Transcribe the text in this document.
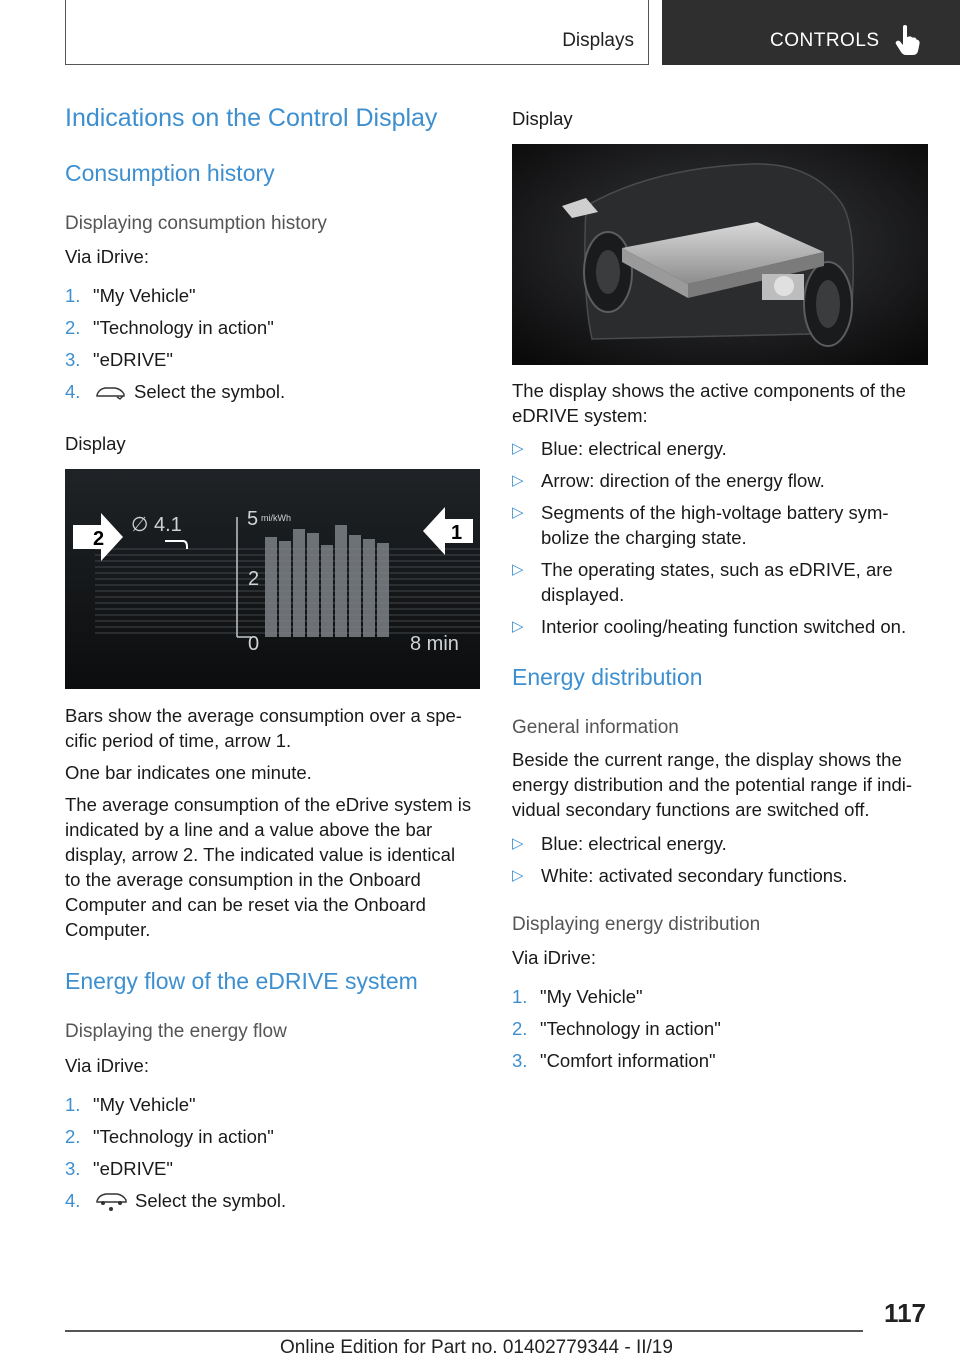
Displays	CONTROLS
Indications on the Control Display
Consumption history
Displaying consumption history
Via iDrive:
1. "My Vehicle"
2. "Technology in action"
3. "eDRIVE"
4.	Select the symbol.
Display
2	1
∅ 4.1	5 mi/kWh
2
0	8 min
Bars show the average consumption over a spe-cific period of time, arrow 1.
One bar indicates one minute.
The average consumption of the eDrive system is indicated by a line and a value above the bar display, arrow 2. The indicated value is identical to the average consumption in the Onboard Computer and can be reset via the Onboard Computer.
Energy flow of the eDRIVE system
Displaying the energy flow
Via iDrive:
1. "My Vehicle"
2. "Technology in action"
3. "eDRIVE"
4.	Select the symbol.
Display
The display shows the active components of the eDRIVE system:
▷ Blue: electrical energy.
▷ Arrow: direction of the energy flow.
▷ Segments of the high-voltage battery sym-
bolize the charging state.
▷ The operating states, such as eDRIVE, are
displayed.
▷ Interior cooling/heating function switched on.
Energy distribution
General information
Beside the current range, the display shows the energy distribution and the potential range if indi-vidual secondary functions are switched off.
▷ Blue: electrical energy.
▷ White: activated secondary functions.
Displaying energy distribution
Via iDrive:
1. "My Vehicle"
2. "Technology in action"
3. "Comfort information"
117
Online Edition for Part no. 01402779344 - II/19
